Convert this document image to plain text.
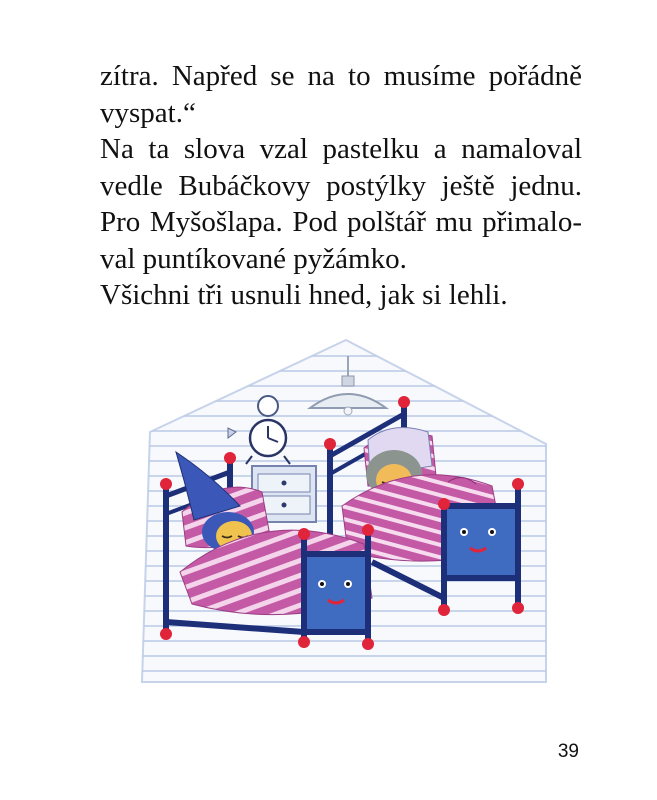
zítra. Napřed se na to musíme pořádně
vyspat.“
Na ta slova vzal pastelku a namaloval
vedle Bubáčkovy postýlky ještě jednu.
Pro Myšošlapa. Pod polštář mu přimalo-
val puntíkované pyžámko.
Všichni tři usnuli hned, jak si lehli.
39
